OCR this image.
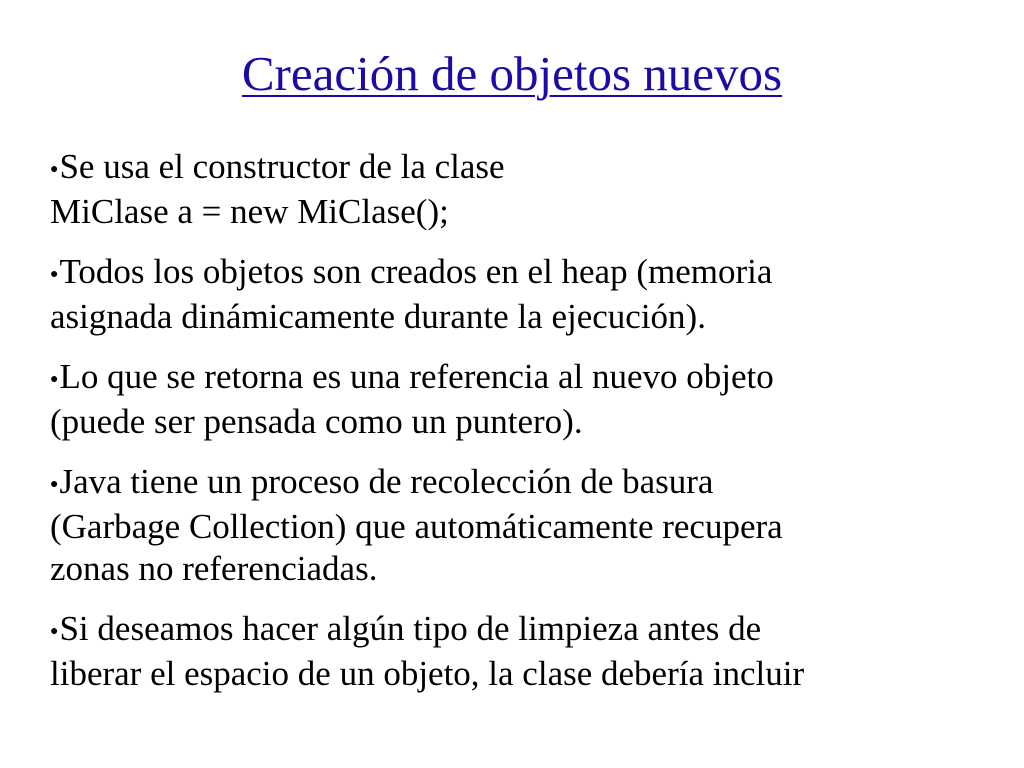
Creación de objetos nuevos
●Se usa el constructor de la clase
MiClase a = new MiClase();
●Todos los objetos son creados en el heap (memoria
asignada dinámicamente durante la ejecución).
●Lo que se retorna es una referencia al nuevo objeto
(puede ser pensada como un puntero).
●Java tiene un proceso de recolección de basura
(Garbage Collection) que automáticamente recupera
zonas no referenciadas.
●Si deseamos hacer algún tipo de limpieza antes de
liberar el espacio de un objeto, la clase debería incluir
